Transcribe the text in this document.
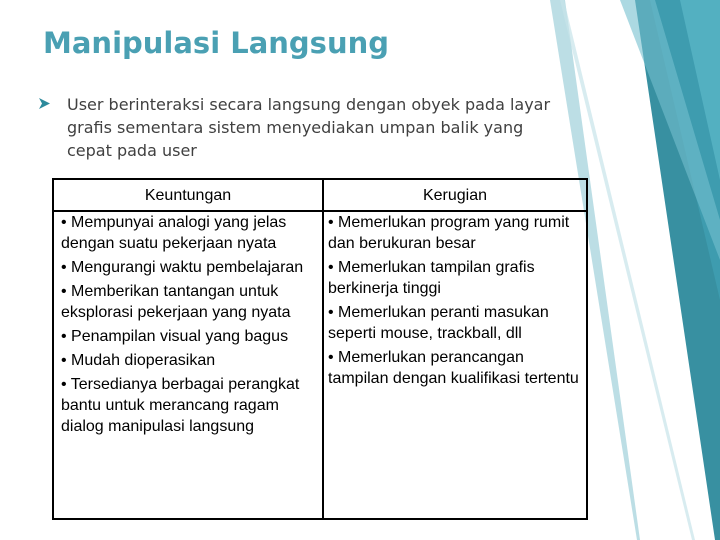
Manipulasi Langsung
User berinteraksi secara langsung dengan obyek pada layar grafis sementara sistem menyediakan umpan balik yang cepat pada user
Keuntungan	Kerugian
• Mempunyai analogi yang jelas dengan suatu pekerjaan nyata
• Mengurangi waktu pembelajaran
• Memberikan tantangan untuk eksplorasi pekerjaan yang nyata
• Penampilan visual yang bagus
• Mudah dioperasikan
• Tersedianya berbagai perangkat bantu untuk merancang ragam dialog manipulasi langsung
• Memerlukan program yang rumit dan berukuran besar
• Memerlukan tampilan grafis berkinerja tinggi
• Memerlukan peranti masukan seperti mouse, trackball, dll
• Memerlukan perancangan tampilan dengan kualifikasi tertentu
